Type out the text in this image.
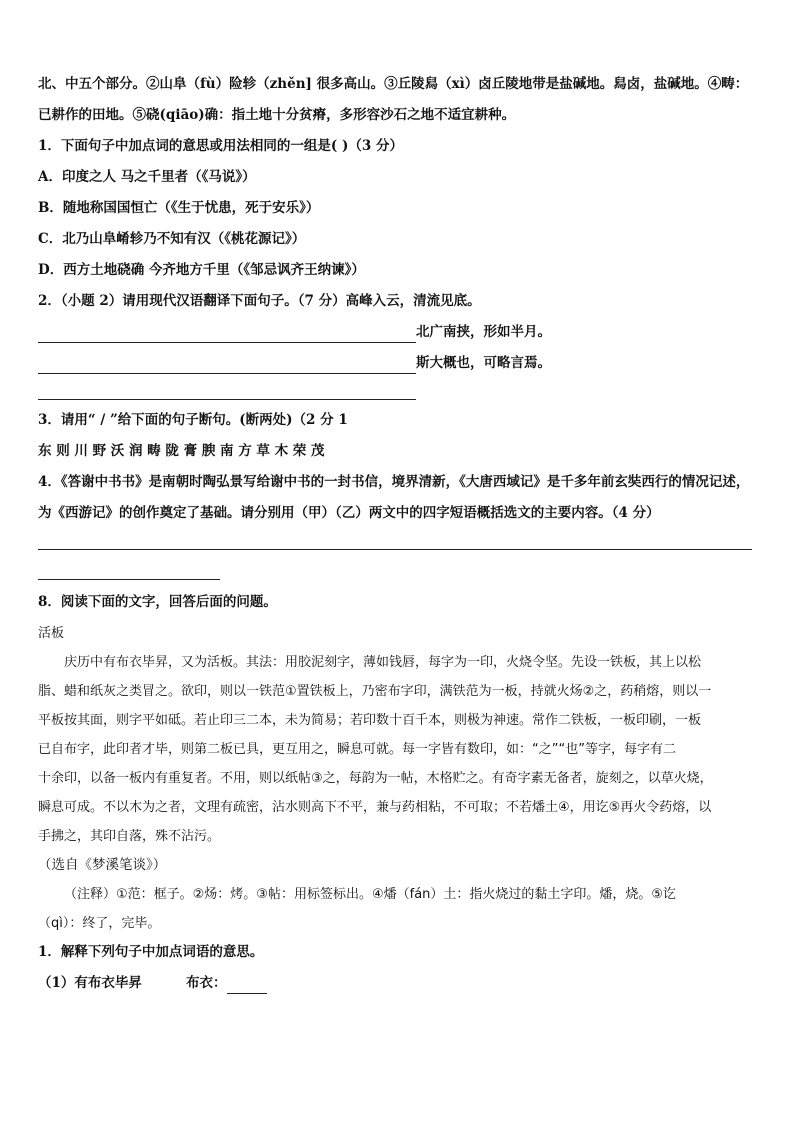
北、中五个部分。②山阜（fù）险轸（zhěn] 很多高山。③丘陵舄（xì）卤丘陵地带是盐碱地。舄卤，盐碱地。④畴：

已耕作的田地。⑤硗(qiāo)确：指土地十分贫瘠，多形容沙石之地不适宜耕种。

1．下面句子中加点词的意思或用法相同的一组是( )（3 分）

A．印度之人 马之千里者（《马说》）

B．随地称国国恒亡（《生于忧患，死于安乐》）

C．北乃山阜崤轸乃不知有汉（《桃花源记》）

D．西方土地硗确 今齐地方千里（《邹忌讽齐王纳谏》）

2．（小题 2）请用现代汉语翻译下面句子。（7 分）高峰入云，清流见底。

北广南挟，形如半月。
斯大概也，可略言焉。

3．请用“ / ”给下面的句子断句。(断两处)（2 分 1

东 则 川 野 沃 润 畴 陇 膏 腴 南 方 草 木 荣 茂

4．《答谢中书书》是南朝时陶弘景写给谢中书的一封书信，境界清新，《大唐西域记》是千多年前玄奘西行的情况记述，

为《西游记》的创作奠定了基础。请分别用（甲）（乙）两文中的四字短语概括选文的主要内容。（4 分）

8．阅读下面的文字，回答后面的问题。

活板

庆历中有布衣毕昇，又为活板。其法：用胶泥刻字，薄如钱唇，每字为一印，火烧令坚。先设一铁板，其上以松

脂、蜡和纸灰之类冒之。欲印，则以一铁范①置铁板上，乃密布字印，满铁范为一板，持就火炀②之，药稍熔，则以一

平板按其面，则字平如砥。若止印三二本，未为简易；若印数十百千本，则极为神速。常作二铁板，一板印刷，一板

已自布字，此印者才毕，则第二板已具，更互用之，瞬息可就。每一字皆有数印，如：“之”“也”等字，每字有二

十余印，以备一板内有重复者。不用，则以纸帖③之，每韵为一帖，木格贮之。有奇字素无备者，旋刻之，以草火烧，

瞬息可成。不以木为之者，文理有疏密，沾水则高下不平，兼与药相粘，不可取；不若燔土④，用讫⑤再火令药熔，以

手拂之，其印自落，殊不沾污。

（选自《梦溪笔谈》）

（注释）①范：框子。②炀：烤。③帖：用标签标出。④燔（fán）土：指火烧过的黏土字印。燔，烧。⑤讫

（qì）：终了，完毕。

1．解释下列句子中加点词语的意思。

（1）有布衣毕昇	布衣：
